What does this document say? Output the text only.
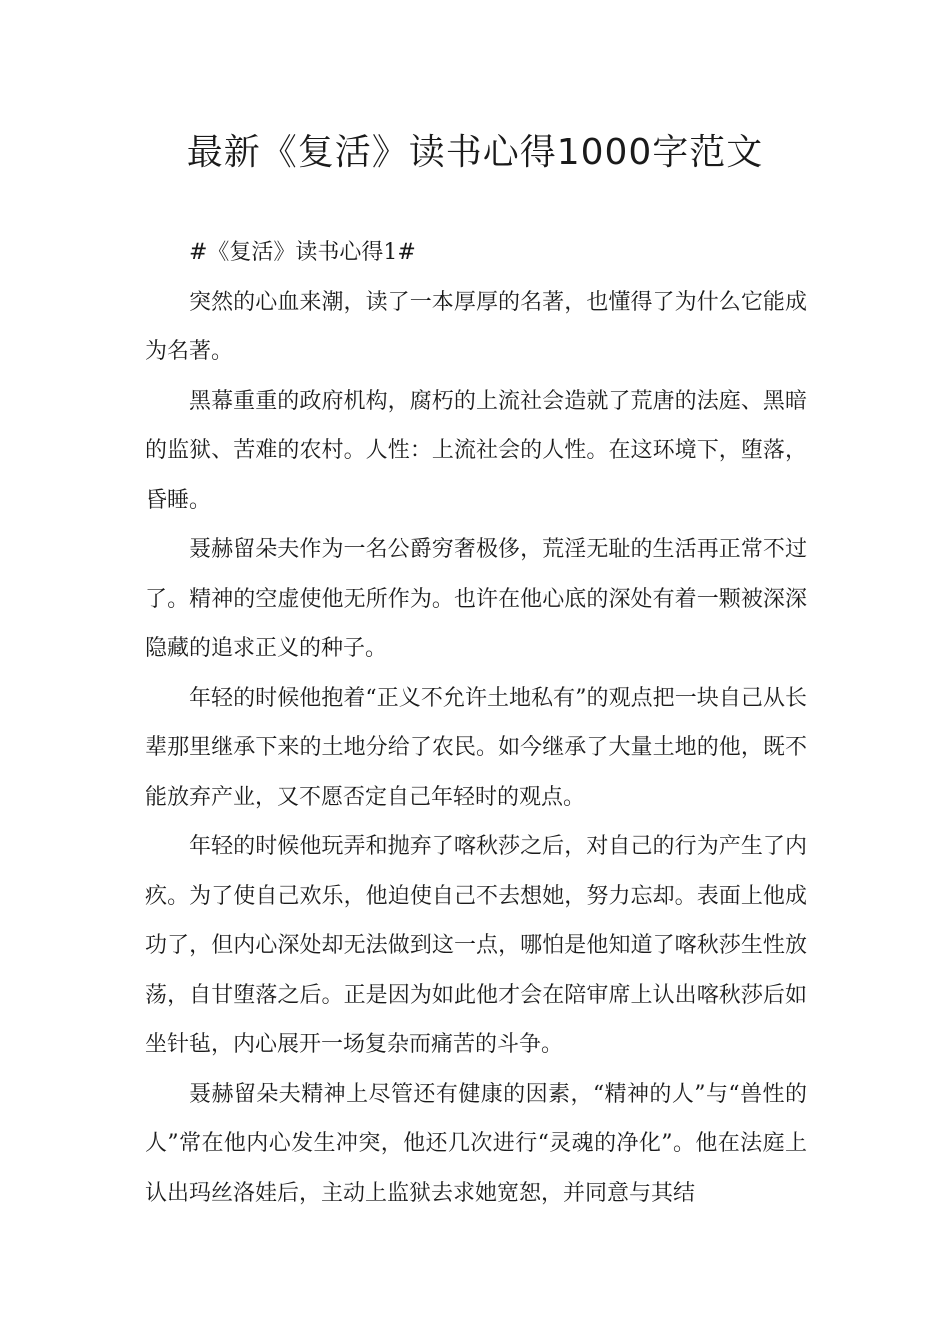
最新《复活》读书心得1000字范文

#《复活》读书心得1#

突然的心血来潮，读了一本厚厚的名著，也懂得了为什么它能成为名著。

黑幕重重的政府机构，腐朽的上流社会造就了荒唐的法庭、黑暗的监狱、苦难的农村。人性：上流社会的人性。在这环境下，堕落，昏睡。

聂赫留朵夫作为一名公爵穷奢极侈，荒淫无耻的生活再正常不过了。精神的空虚使他无所作为。也许在他心底的深处有着一颗被深深隐藏的追求正义的种子。

年轻的时候他抱着“正义不允许土地私有”的观点把一块自己从长辈那里继承下来的土地分给了农民。如今继承了大量土地的他，既不能放弃产业，又不愿否定自己年轻时的观点。

年轻的时候他玩弄和抛弃了喀秋莎之后，对自己的行为产生了内疚。为了使自己欢乐，他迫使自己不去想她，努力忘却。表面上他成功了，但内心深处却无法做到这一点，哪怕是他知道了喀秋莎生性放荡，自甘堕落之后。正是因为如此他才会在陪审席上认出喀秋莎后如坐针毡，内心展开一场复杂而痛苦的斗争。

聂赫留朵夫精神上尽管还有健康的因素，“精神的人”与“兽性的人”常在他内心发生冲突，他还几次进行“灵魂的净化”。他在法庭上认出玛丝洛娃后，主动上监狱去求她宽恕，并同意与其结
